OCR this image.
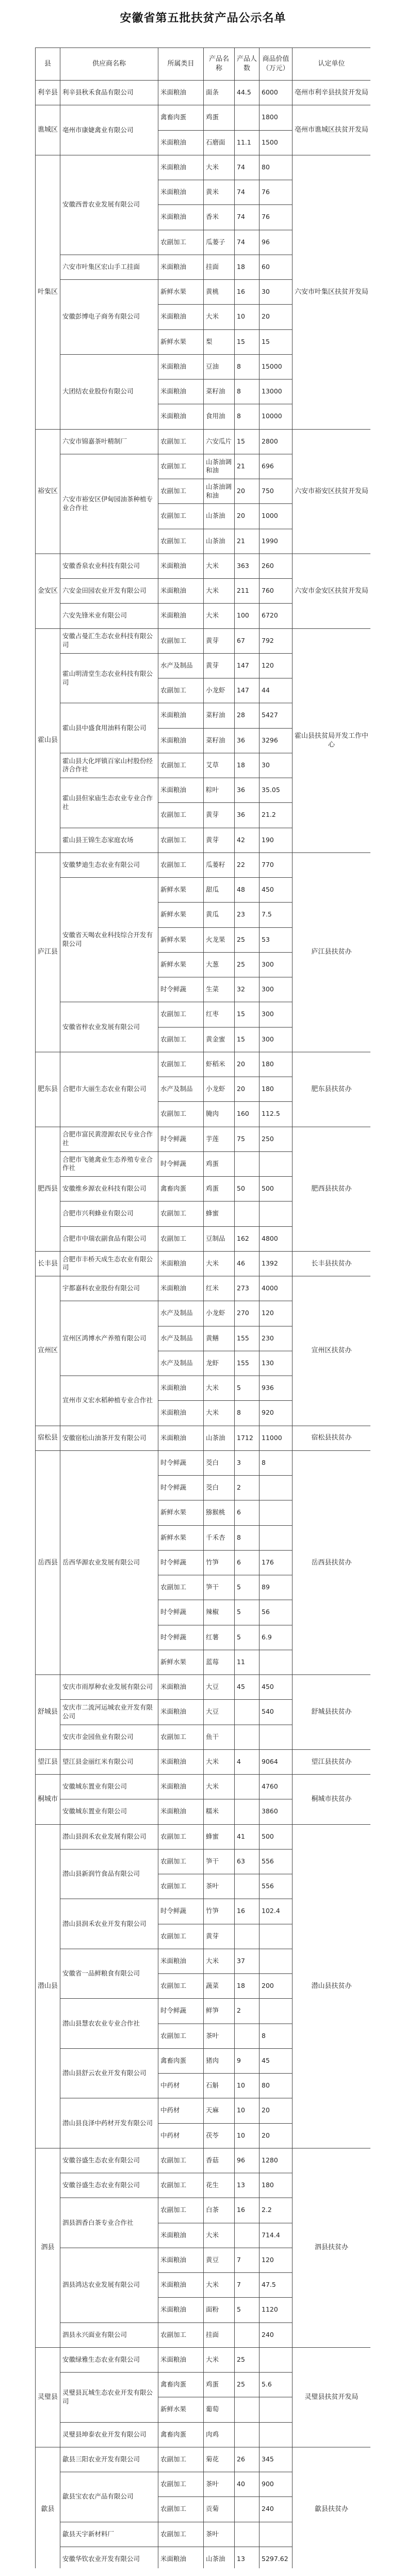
安徽省第五批扶贫产品公示名单
县	供应商名称	所属类目	产品名称	产品人数	商品价值（万元）	认定单位
利辛县	利辛县秋禾食品有限公司	米面粮油	面条	44.5	6000	亳州市利辛县扶贫开发局
谯城区	亳州市康婕禽业有限公司	禽畜肉蛋	鸡蛋		1800	亳州市谯城区扶贫开发局
		米面粮油	石磨面	11.1	1500	
叶集区	安徽西普农业发展有限公司	米面粮油	大米	74	80	六安市叶集区扶贫开发局
		米面粮油	黄米	74	76	
		米面粮油	香米	74	76	
		农副加工	瓜蒌子	74	96	
	六安市叶集区宏山手工挂面	米面粮油	挂面	18	60	
	安徽彭博电子商务有限公司	新鲜水果	黄桃	16	30	
		米面粮油	大米	10	20	
		新鲜水果	梨	15	15	
	大团结农业股份有限公司	米面粮油	豆油	8	15000	
		米面粮油	菜籽油	8	13000	
		米面粮油	食用油	8	10000	
裕安区	六安市锦嘉茶叶精制厂	农副加工	六安瓜片	15	2800	六安市裕安区扶贫开发局
	六安市裕安区伊甸园油茶种植专业合作社	农副加工	山茶油调和油	21	696	
		农副加工	山茶油调和油	20	750	
		农副加工	山茶油	20	1000	
		农副加工	山茶油	21	1990	
金安区	安徽香泉农业科技有限公司	米面粮油	大米	363	260	六安市金安区扶贫开发局
	六安金田园农业开发有限公司	米面粮油	大米	211	760	
	六安先锋米业有限公司	米面粮油	大米	100	6720	
霍山县	安徽占曼汇生态农业科技有限公司	农副加工	黄芽	67	792	霍山县扶贫局开发工作中心
	霍山明清堂生态农业科技有限公司	水产及制品	黄芽	147	120	
		农副加工	小龙虾	147	44	
	霍山县中盛食用油料有限公司	米面粮油	菜籽油	28	5427	
		米面粮油	菜籽油	36	3296	
	霍山县大化坪镇百家山村股份经济合作社	农副加工	艾草	18	30	
	霍山县但家庙生态农业专业合作社	米面粮油	粽叶	36	35.05	
		农副加工	黄芽	36	21.2	
	霍山县王锦生态家庭农场	农副加工	黄芽	42	190	
庐江县	安徽梦迪生态农业有限公司	农副加工	瓜蒌籽	22	770	庐江县扶贫办
	安徽省天喝农业科技综合开发有限公司	新鲜水果	甜瓜	48	450	
		新鲜水果	黄瓜	23	7.5	
		新鲜水果	火龙果	25	53	
		新鲜水果	大葱	25	300	
		时令鲜蔬	生菜	32	300	
	安徽省梓农业发展有限公司	农副加工	红枣	15	300	
		农副加工	黄金蜜	15	300	
肥东县	合肥市大丽生态农业有限公司	农副加工	虾稻米	20	180	肥东县扶贫办
		水产及制品	小龙虾	20	180	
		农副加工	腌肉	160	112.5	
肥西县	合肥市富民黄澄源农民专业合作社	时令鲜蔬	芋莲	75	250	肥西县扶贫办
	合肥市飞驰禽业生态养殖专业合作社	时令鲜蔬	鸡蛋			
	安徽维乡源农业科技有限公司	禽畜肉蛋	鸡蛋	50	500	
	合肥市兴利蜂业有限公司	农副加工	蜂蜜			
	合肥市中瑞农副食品有限公司	农副加工	豆制品	162	4800	
长丰县	合肥市丰桥天成生态农业有限公司	米面粮油	大米	46	1392	长丰县扶贫办
宣州区	宇都嘉科农业股份有限公司	米面粮油	红米	273	4000	宣州区扶贫办
	宣州区鸿博水产养殖有限公司	水产及制品	小龙虾	270	120	
		水产及制品	黄鳝	155	230	
		水产及制品	龙虾	155	130	
	宣州市义宏水稻种植专业合作社	米面粮油	大米	5	936	
		米面粮油	大米	8	920	
宿松县	安徽宿松山油茶开发有限公司	米面粮油	山茶油	1712	11000	宿松县扶贫办
岳西县	岳西华源农业发展有限公司	时令鲜蔬	茭白	3	8	岳西县扶贫办
		时令鲜蔬	茭白	2		
		新鲜水果	猕猴桃	6		
		新鲜水果	千禾杏	8		
		时令鲜蔬	竹笋	6	176	
		农副加工	笋干	5	89	
		时令鲜蔬	辣椒	5	56	
		时令鲜蔬	红薯	5	6.9	
		新鲜水果	蓝莓	11		
舒城县	安庆市雨厚种农业发展有限公司	米面粮油	大豆	45	450	舒城县扶贫办
	安庆市二流河运城农业开发有限公司	米面粮油	大豆		540	
	安庆市金园鱼业有限公司	农副加工	鱼干			
望江县	望江县金丽红米有限公司	米面粮油	大米	4	9064	望江县扶贫办
桐城市	安徽城东置业有限公司	米面粮油	大米		4760	桐城市扶贫办
	安徽城东置业有限公司	米面粮油	糯米		3860	
潜山县	潜山县润禾农业发展有限公司	农副加工	蜂蜜	41	500	潜山县扶贫办
	潜山县新润竹食品有限公司	农副加工	笋干	63	556	
		农副加工	茶叶		556	
	潜山县润禾农业开发有限公司	时令鲜蔬	竹笋	16	102.4	
		农副加工	黄芽			
	安徽省一品鲜粮食有限公司	米面粮油	大米	37		
		农副加工	蔬菜	18	200	
	潜山县慧农农业专业合作社	时令鲜蔬	鲜笋	2		
		农副加工	茶叶		8	
	潜山县舒云农业开发有限公司	禽畜肉蛋	猪肉	9	45	
		中药材	石斛	10	80	
	潜山县良泽中药材开发有限公司	中药材	天麻	10	20	
		中药材	茯苓	10	20	
泗县	安徽谷盛生态农业有限公司	农副加工	香菇	96	1280	泗县扶贫办
	安徽谷盛生态农业有限公司	农副加工	花生	13	180	
	泗县泗香白茶专业合作社	农副加工	白茶	16	2.2	
		米面粮油	大米		714.4	
	泗县鸿达农业发展有限公司	米面粮油	黄豆	7	120	
		米面粮油	大米	7	47.5	
		米面粮油	面粉	5	1120	
	泗县永兴面业有限公司	农副加工	挂面		240	
灵璧县	安徽绿雅生态农业有限公司	米面粮油	大米	25		灵璧县扶贫开发局
	灵璧县瓦城生态农业开发有限公司	禽畜肉蛋	鸡蛋	25	5.6	
		新鲜水果	葡萄			
	灵璧县坤泰农业开发有限公司	禽畜肉蛋	肉鸡			
歙县	歙县三阳农业开发有限公司	农副加工	菊花	26	345	歙县扶贫办
	歙县宝农农产品有限公司	农副加工	茶叶	40	900	
		农副加工	贡菊		240	
	歙县天宇新材料厂	农副加工	茶叶			
	安徽华钦农业开发有限公司	米面粮油	山茶油	13	5297.62	
